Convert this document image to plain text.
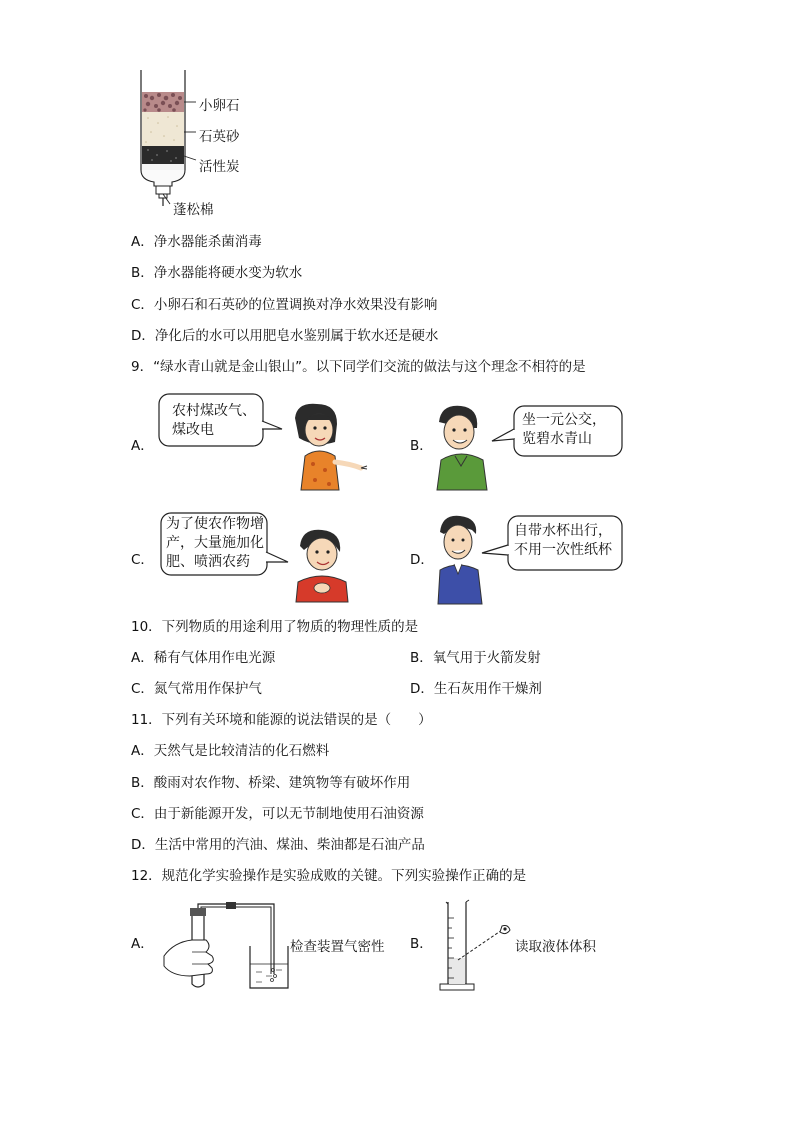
小卵石
石英砂
活性炭
蓬松棉
A．净水器能杀菌消毒
B．净水器能将硬水变为软水
C．小卵石和石英砂的位置调换对净水效果没有影响
D．净化后的水可以用肥皂水鉴别属于软水还是硬水
9．“绿水青山就是金山银山”。以下同学们交流的做法与这个理念不相符的是
A．
农村煤改气、
煤改电
B．
坐一元公交，
览碧水青山
C．
为了使农作物增
产，大量施加化
肥、喷洒农药	D．
自带水杯出行，
不用一次性纸杯
10．下列物质的用途利用了物质的物理性质的是
A．稀有气体用作电光源	B．氧气用于火箭发射
C．氮气常用作保护气	D．生石灰用作干燥剂
11．下列有关环境和能源的说法错误的是（　　）
A．天然气是比较清洁的化石燃料
B．酸雨对农作物、桥梁、建筑物等有破坏作用
C．由于新能源开发，可以无节制地使用石油资源
D．生活中常用的汽油、煤油、柴油都是石油产品
12．规范化学实验操作是实验成败的关键。下列实验操作正确的是
A．	检查装置气密性 B．	读取液体体积
